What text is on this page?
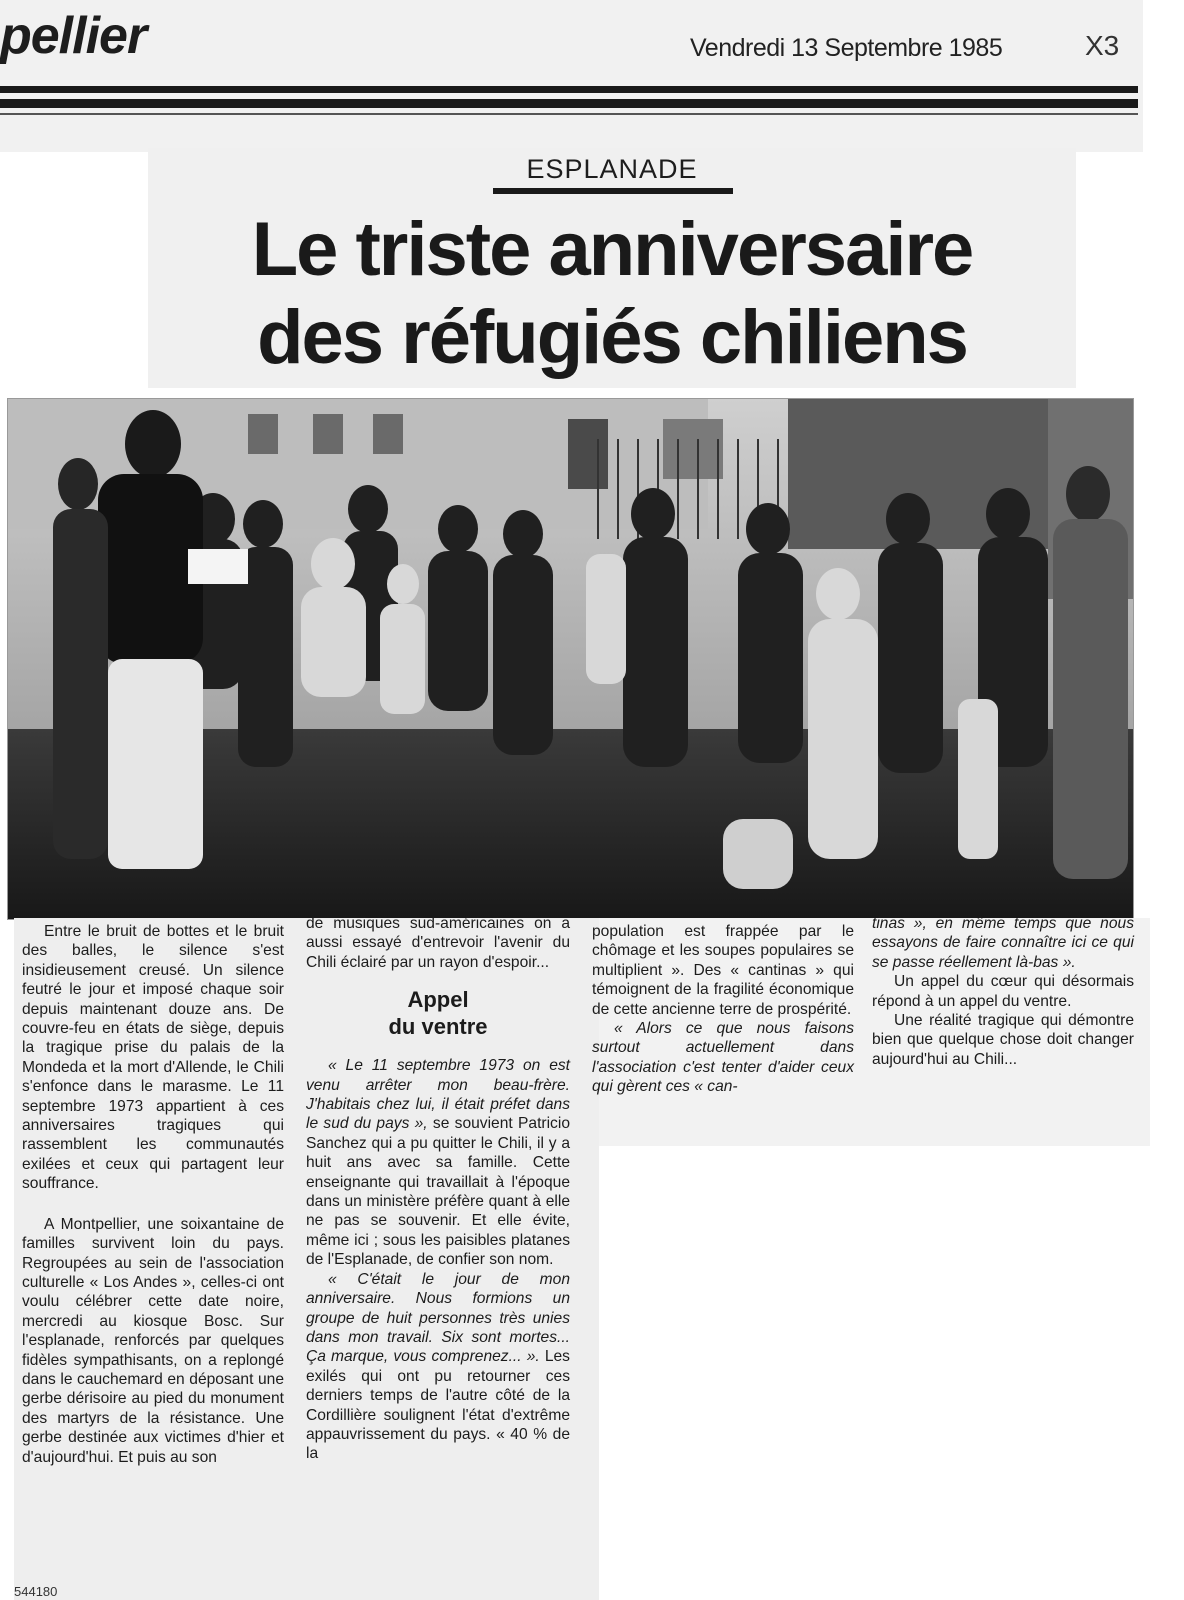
pellier	Vendredi 13 Septembre 1985	X3
ESPLANADE
Le triste anniversaire
des réfugiés chiliens

Entre le bruit de bottes et le bruit des balles, le silence s'est insidieusement creusé. Un silence feutré le jour et imposé chaque soir depuis maintenant douze ans. De couvre-feu en états de siège, depuis la tragique prise du palais de la Mondeda et la mort d'Allende, le Chili s'enfonce dans le marasme. Le 11 septembre 1973 appartient à ces anniversaires tragiques qui rassemblent les communautés exilées et ceux qui partagent leur souffrance.

A Montpellier, une soixantaine de familles survivent loin du pays. Regroupées au sein de l'association culturelle « Los Andes », celles-ci ont voulu célébrer cette date noire, mercredi au kiosque Bosc. Sur l'esplanade, renforcés par quelques fidèles sympathisants, on a replongé dans le cauchemard en déposant une gerbe dérisoire au pied du monument des martyrs de la résistance. Une gerbe destinée aux victimes d'hier et d'aujourd'hui. Et puis au son

de musiques sud-américaines on a aussi essayé d'entrevoir l'avenir du Chili éclairé par un rayon d'espoir...

Appel
du ventre

« Le 11 septembre 1973 on est venu arrêter mon beau-frère. J'habitais chez lui, il était préfet dans le sud du pays », se souvient Patricio Sanchez qui a pu quitter le Chili, il y a huit ans avec sa famille. Cette enseignante qui travaillait à l'époque dans un ministère préfère quant à elle ne pas se souvenir. Et elle évite, même ici ; sous les paisibles platanes de l'Esplanade, de confier son nom.

« C'était le jour de mon anniversaire. Nous formions un groupe de huit personnes très unies dans mon travail. Six sont mortes... Ça marque, vous comprenez... ». Les exilés qui ont pu retourner ces derniers temps de l'autre côté de la Cordillière soulignent l'état d'extrême appauvrissement du pays. « 40 % de la

population est frappée par le chômage et les soupes populaires se multiplient ». Des « cantinas » qui témoignent de la fragilité économique de cette ancienne terre de prospérité.

« Alors ce que nous faisons surtout actuellement dans l'association c'est tenter d'aider ceux qui gèrent ces « can-

tinas », en même temps que nous essayons de faire connaître ici ce qui se passe réellement là-bas ».

Un appel du cœur qui désormais répond à un appel du ventre.

Une réalité tragique qui démontre bien que quelque chose doit changer aujourd'hui au Chili...

544180
